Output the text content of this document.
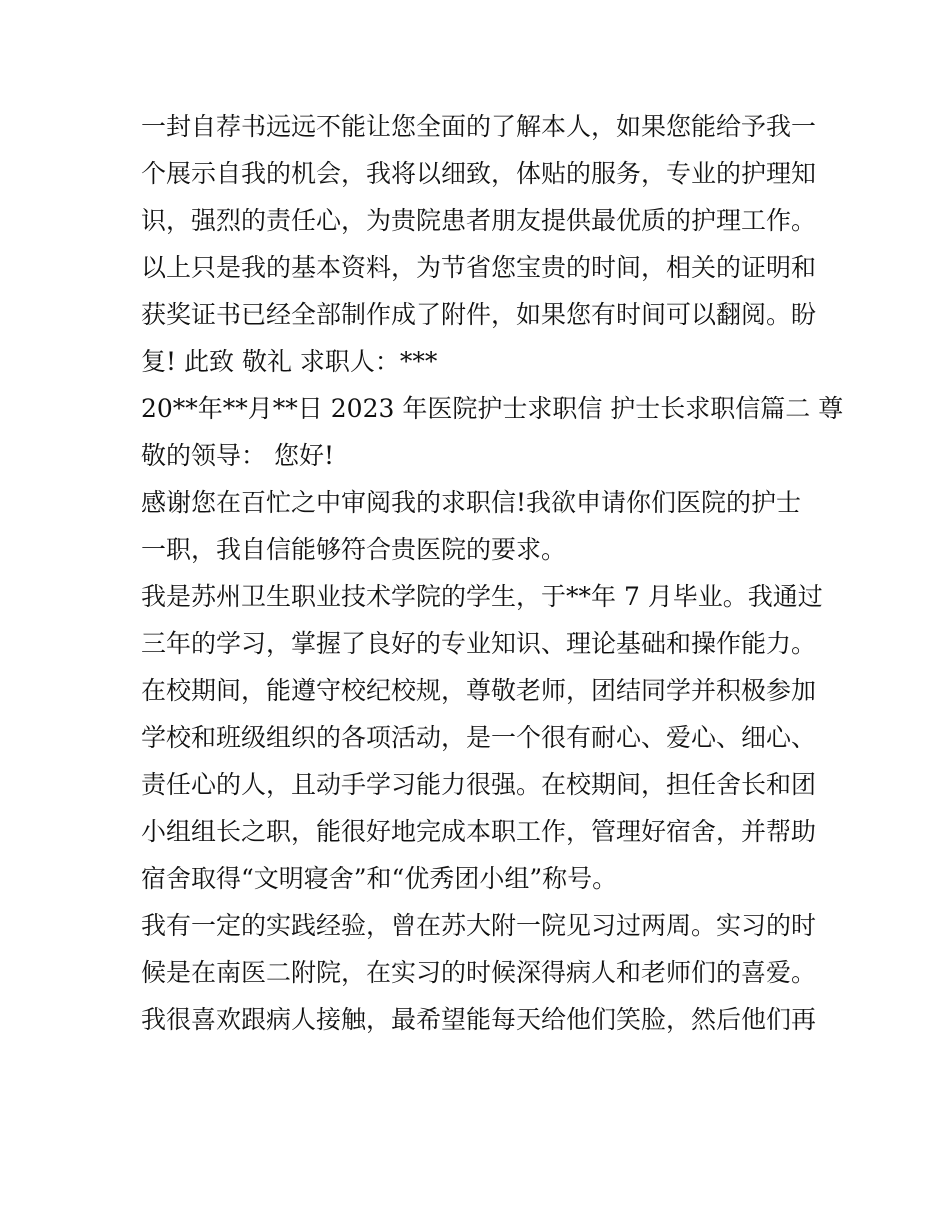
一封自荐书远远不能让您全面的了解本人，如果您能给予我一
个展示自我的机会，我将以细致，体贴的服务，专业的护理知
识，强烈的责任心，为贵院患者朋友提供最优质的护理工作。
以上只是我的基本资料，为节省您宝贵的时间，相关的证明和
获奖证书已经全部制作成了附件，如果您有时间可以翻阅。盼
复! 此致 敬礼 求职人：***
20**年**月**日 2023 年医院护士求职信 护士长求职信篇二 尊
敬的领导： 您好!
感谢您在百忙之中审阅我的求职信!我欲申请你们医院的护士
一职，我自信能够符合贵医院的要求。
我是苏州卫生职业技术学院的学生，于**年 7 月毕业。我通过
三年的学习，掌握了良好的专业知识、理论基础和操作能力。
在校期间，能遵守校纪校规，尊敬老师，团结同学并积极参加
学校和班级组织的各项活动，是一个很有耐心、爱心、细心、
责任心的人，且动手学习能力很强。在校期间，担任舍长和团
小组组长之职，能很好地完成本职工作，管理好宿舍，并帮助
宿舍取得“文明寝舍”和“优秀团小组”称号。
我有一定的实践经验，曾在苏大附一院见习过两周。实习的时
候是在南医二附院，在实习的时候深得病人和老师们的喜爱。
我很喜欢跟病人接触，最希望能每天给他们笑脸，然后他们再
